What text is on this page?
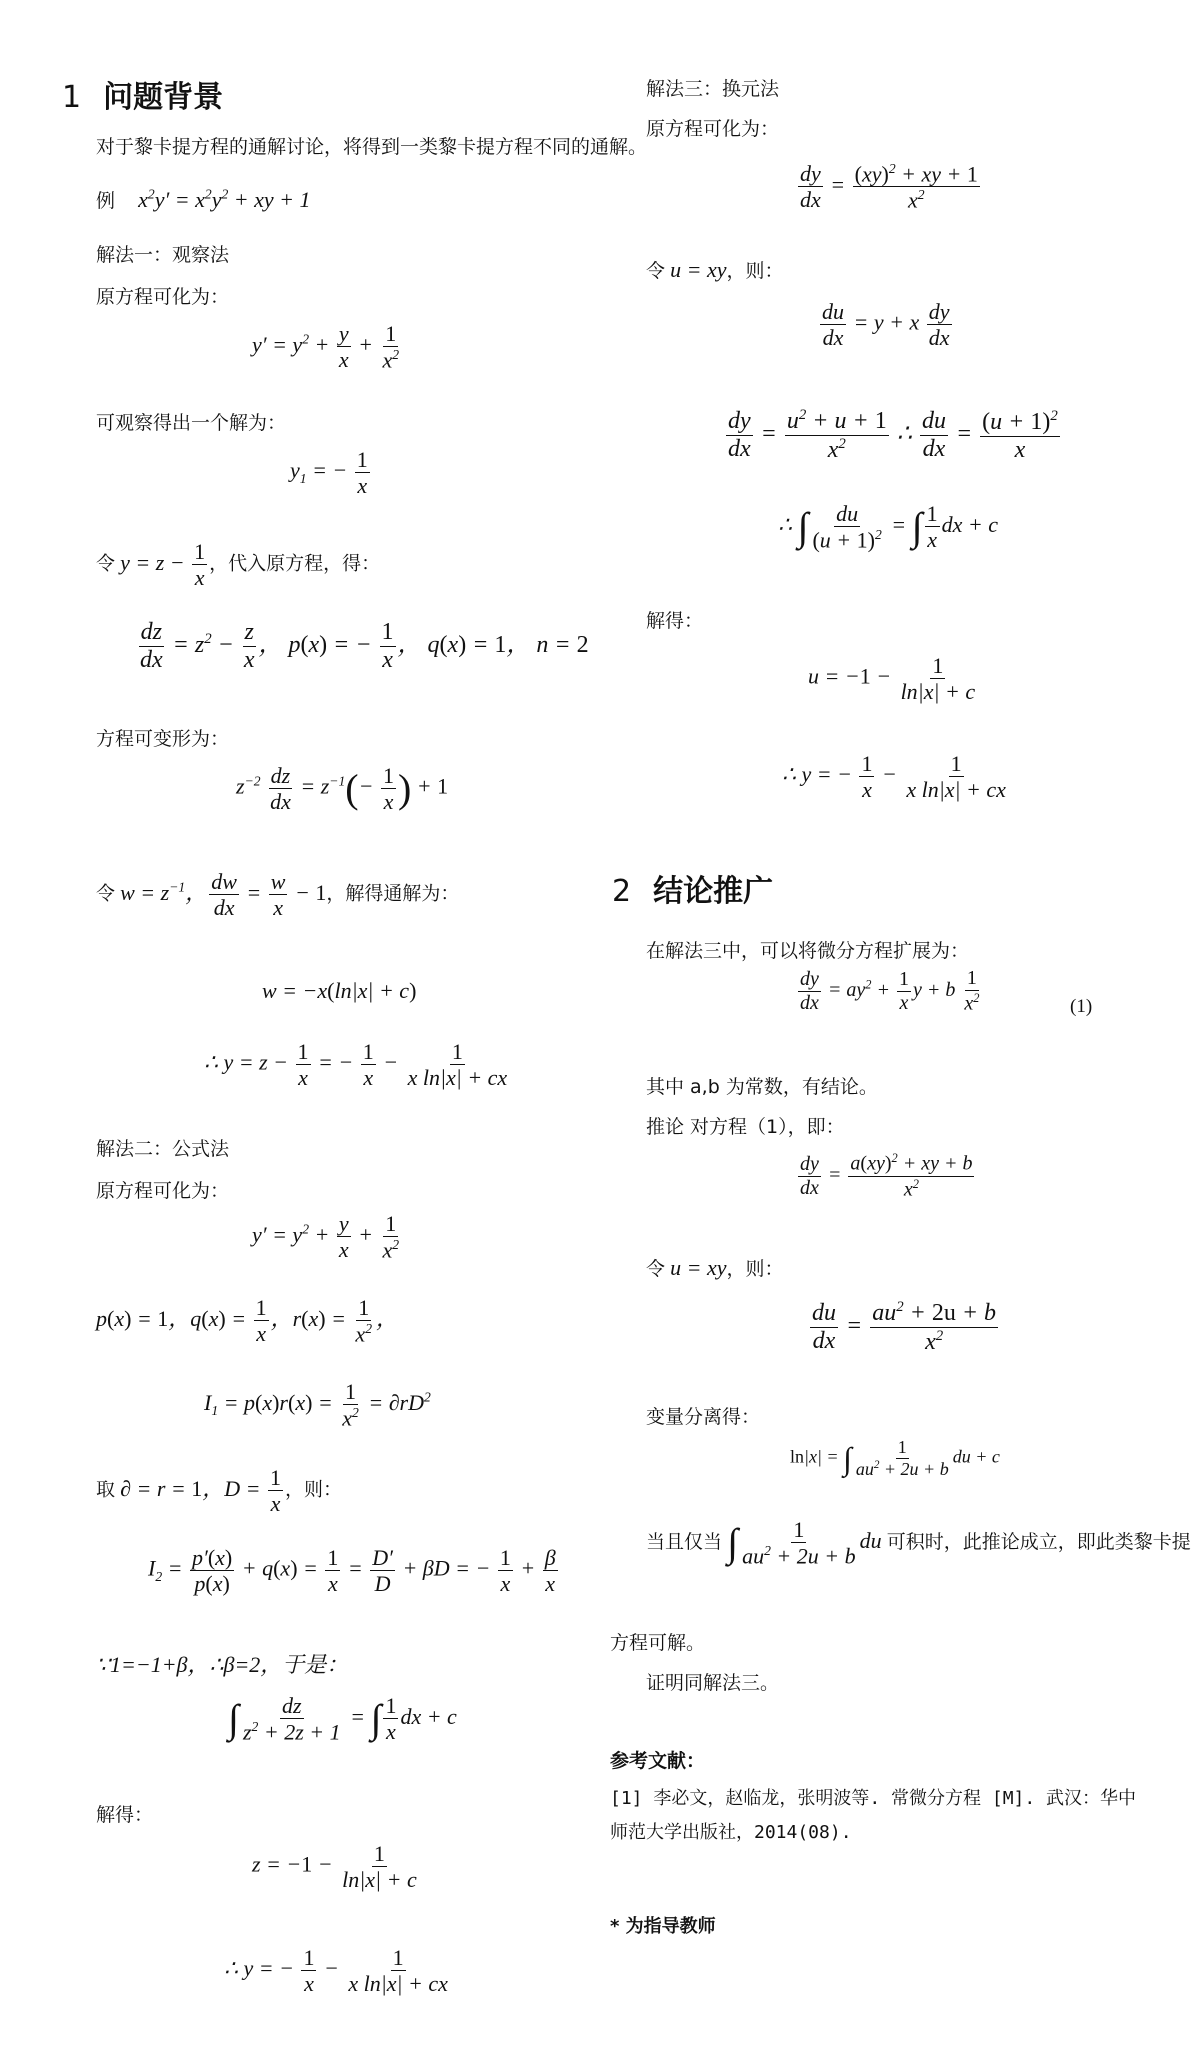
1 问题背景
对于黎卡提方程的通解讨论，将得到一类黎卡提方程不同的通解。
例 $x^2y' = x^2y^2$ + xy + 1
解法一：观察法
原方程可化为：
$y' = y^2 + \frac{y}{x} + \frac{1}{x^2}$
可观察得出一个解为：
$y_1$ = − $\frac{1}{x}$
令 $y = z - \frac{1}{x}$ ，代入原方程，得：
$\frac{dz}{dx} = z^2 - \frac{z}{x}$ ， p(x) = − $\frac{1}{x}$ ， q(x) = 1， n = 2
方程可变形为：
$z^{-2} \frac{dz}{dx} = z^{-1}(- \frac{1}{x}$ ) + 1
令 $w = z^{-1}$， $\frac{dw}{dx} = \frac{w}{x} - 1$，解得通解为：
w = −x(ln|x| + c)
∴ $y = z - \frac{1}{x}$ = − $\frac{1}{x} - \frac{1}{\text{x ln|x| + cx}}$
解法二：公式法
原方程可化为：
$y' = y^2 + \frac{y}{x} + \frac{1}{x^2}$
p(x) = 1，$q(x) = \frac{1}{x}$ ，$r(x) = \frac{1}{x^2}$ ，
$I_1 = p(x)r(x) = \frac{1}{x^2} = \partial rD^2$
取 ∂ = r = 1，$D = \frac{1}{x}$ ，则：
$I_2 = \frac{p'(x)}{p(x)} + q(x) = \frac{1}{x} = \frac{D'}{D} + \beta D$ = − $\frac{1}{x} + \frac{\beta}{x}$
∵1=−1+β，∴β=2，于是：
∫ $\frac{dz}{z^2 + 2z + 1}$ = ∫ $\frac{1}{x}$ dx + c
解得：
$z = -1 - \frac{1}{\ln|x| + c}$
∴ y = − $\frac{1}{x} - \frac{1}{\text{x ln|x| + cx}}$
解法三：换元法
原方程可化为：
$\frac{dy}{dx} = \frac{(xy)^2 + xy + 1}{x^2}$
令 u = xy，则：
$\frac{du}{dx} = y + x \frac{dy}{dx}$
$\frac{dy}{dx} = \frac{u^2 + u + 1}{x^2}$ ∴ $\frac{du}{dx} = \frac{(u + 1)^2}{x}$
∴ ∫ $\frac{du}{(u + 1)^2}$ = ∫ $\frac{1}{x}$ dx + c
解得：
$u = -1 - \frac{1}{\ln|x| + c}$
∴ y = − $\frac{1}{x} - \frac{1}{\text{x ln|x| + cx}}$
2 结论推广
在解法三中，可以将微分方程扩展为：
$\frac{dy}{dx} = ay^2 + \frac{1}{x}$ y + b $\frac{1}{x^2}$	(1)
其中 a,b 为常数，有结论。
推论 对方程（1），即：
$\frac{dy}{dx} = \frac{a(xy)^2 + xy + b}{x^2}$
令 u = xy，则：
$\frac{du}{dx} = \frac{au^2 + 2u + b}{x^2}$
变量分离得：
ln|x| = ∫ $\frac{1}{au^2 + 2u + b}$ du + c
当且仅当 ∫ $\frac{1}{au^2 + 2u + b}$ du 可积时，此推论成立，即此类黎卡提
方程可解。
证明同解法三。
参考文献：
[1] 李必文，赵临龙，张明波等. 常微分方程 [M]. 武汉：华中师范大学出版社，2014(08).
* 为指导教师
